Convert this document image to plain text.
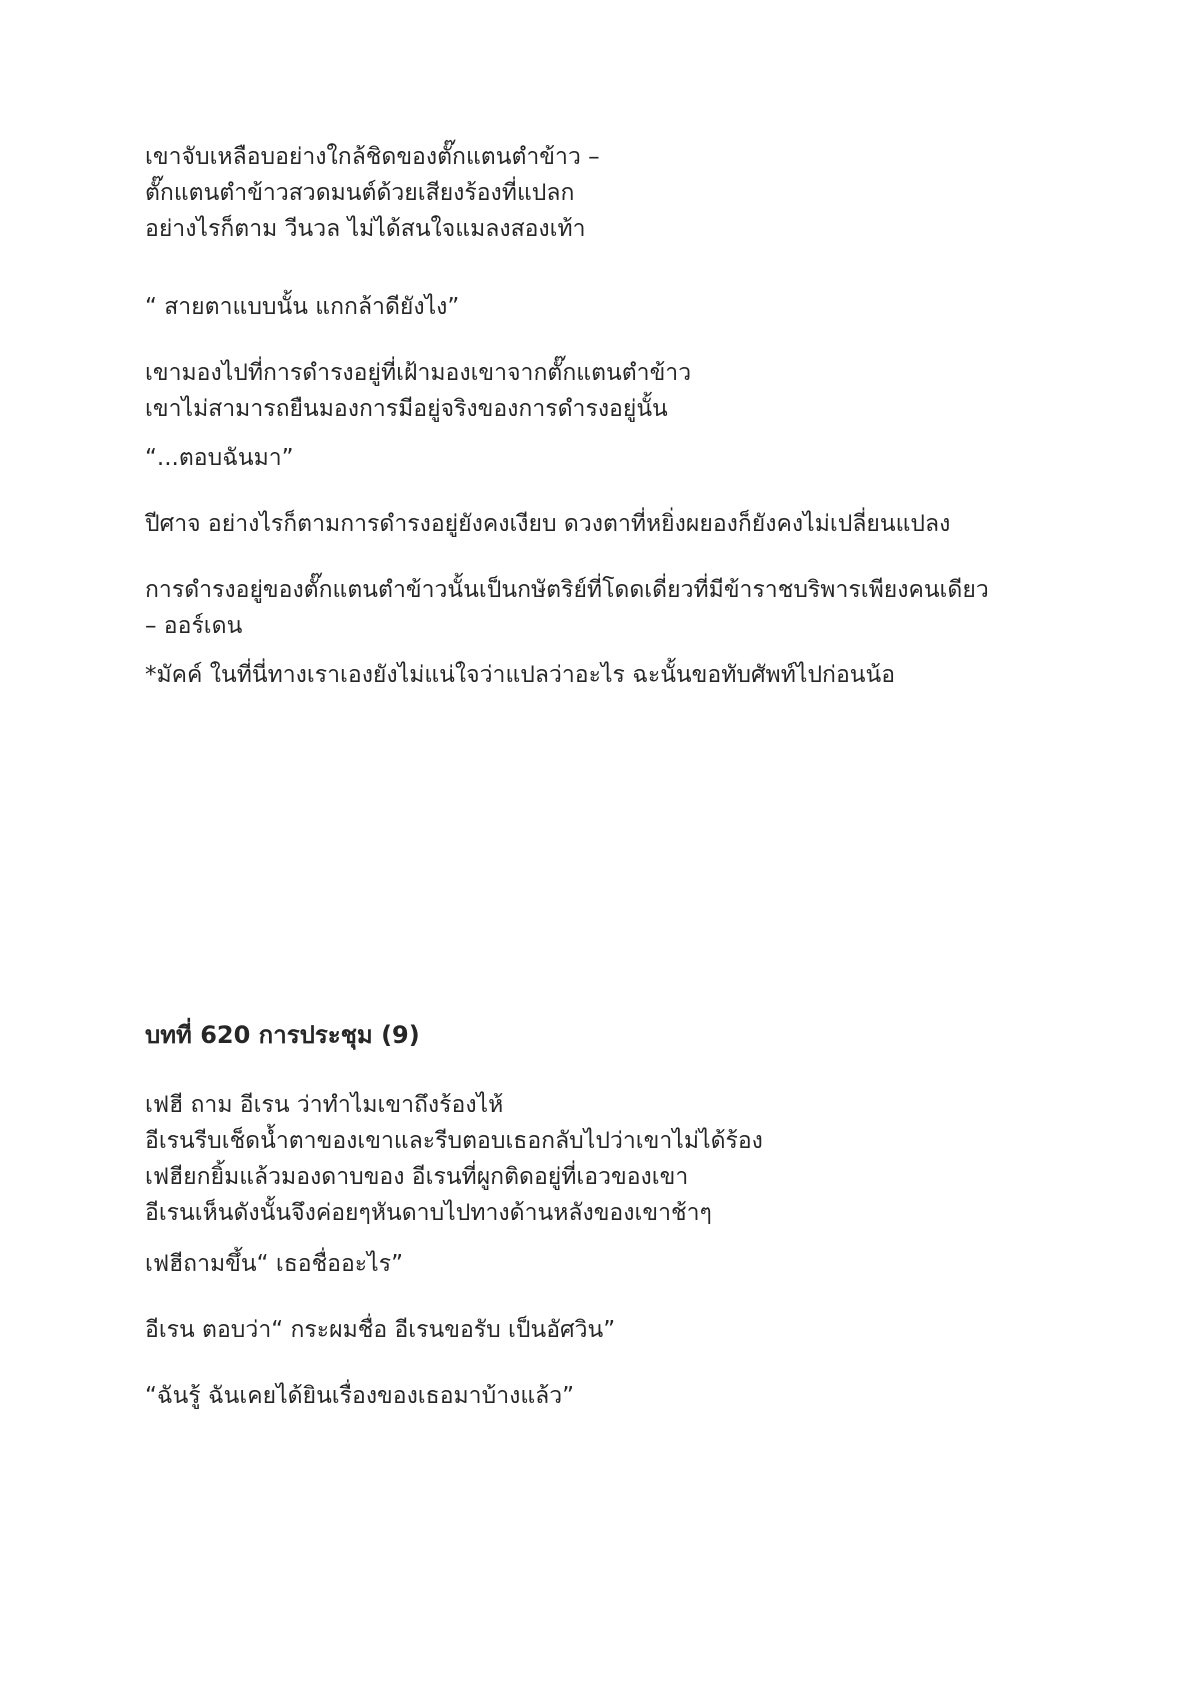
เขาจับเหลือบอย่างใกล้ชิดของตั๊กแตนตำข้าว –
ตั๊กแตนตำข้าวสวดมนต์ด้วยเสียงร้องที่แปลก
อย่างไรก็ตาม วีนวล ไม่ได้สนใจแมลงสองเท้า
“ สายตาแบบนั้น แกกล้าดียังไง”
เขามองไปที่การดำรงอยู่ที่เฝ้ามองเขาจากตั๊กแตนตำข้าว
เขาไม่สามารถยืนมองการมีอยู่จริงของการดำรงอยู่นั้น
“...ตอบฉันมา”
ปีศาจ อย่างไรก็ตามการดำรงอยู่ยังคงเงียบ ดวงตาที่หยิ่งผยองก็ยังคงไม่เปลี่ยนแปลง
การดำรงอยู่ของตั๊กแตนตำข้าวนั้นเป็นกษัตริย์ที่โดดเดี่ยวที่มีข้าราชบริพารเพียงคนเดียว
– ออร์เดน
*มัคค์ ในที่นี่ทางเราเองยังไม่แน่ใจว่าแปลว่าอะไร ฉะนั้นขอทับศัพท์ไปก่อนน้อ
บทที่ 620 การประชุม (9)
เฟฮี ถาม อีเรน ว่าทำไมเขาถึงร้องไห้
อีเรนรีบเช็ดน้ำตาของเขาและรีบตอบเธอกลับไปว่าเขาไม่ได้ร้อง
เฟฮียกยิ้มแล้วมองดาบของ อีเรนที่ผูกติดอยู่ที่เอวของเขา
อีเรนเห็นดังนั้นจึงค่อยๆหันดาบไปทางด้านหลังของเขาช้าๆ
เฟฮีถามขึ้น“ เธอชื่ออะไร”
อีเรน ตอบว่า“ กระผมชื่อ อีเรนขอรับ เป็นอัศวิน”
“ฉันรู้ ฉันเคยได้ยินเรื่องของเธอมาบ้างแล้ว”
